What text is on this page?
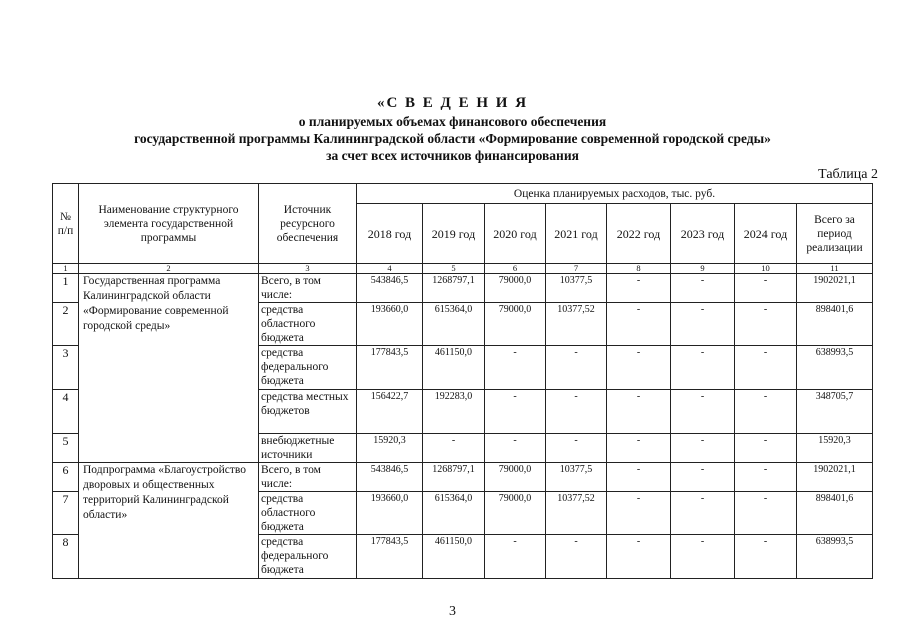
«С В Е Д Е Н И Я
о планируемых объемах финансового обеспечения
государственной программы Калининградской области «Формирование современной городской среды»
за счет всех источников финансирования
Таблица 2
№ п/п	Наименование структурного элемента государственной программы	Источник ресурсного обеспечения	Оценка планируемых расходов, тыс. руб.							
			2018 год	2019 год	2020 год	2021 год	2022 год	2023 год	2024 год	Всего за период реализации
1	2	3	4	5	6	7	8	9	10	11
1	Государственная программа Калининградской области «Формирование современной городской среды»	Всего, в том числе:	543846,5	1268797,1	79000,0	10377,5	-	-	-	1902021,1
2		средства областного бюджета	193660,0	615364,0	79000,0	10377,52	-	-	-	898401,6
3		средства федерального бюджета	177843,5	461150,0	-	-	-	-	-	638993,5
4		средства местных бюджетов	156422,7	192283,0	-	-	-	-	-	348705,7
5		внебюджетные источники	15920,3	-	-	-	-	-	-	15920,3
6	Подпрограмма «Благоустройство дворовых и общественных территорий Калининградской области»	Всего, в том числе:	543846,5	1268797,1	79000,0	10377,5	-	-	-	1902021,1
7		средства областного бюджета	193660,0	615364,0	79000,0	10377,52	-	-	-	898401,6
8		средства федерального бюджета	177843,5	461150,0	-	-	-	-	-	638993,5
3
